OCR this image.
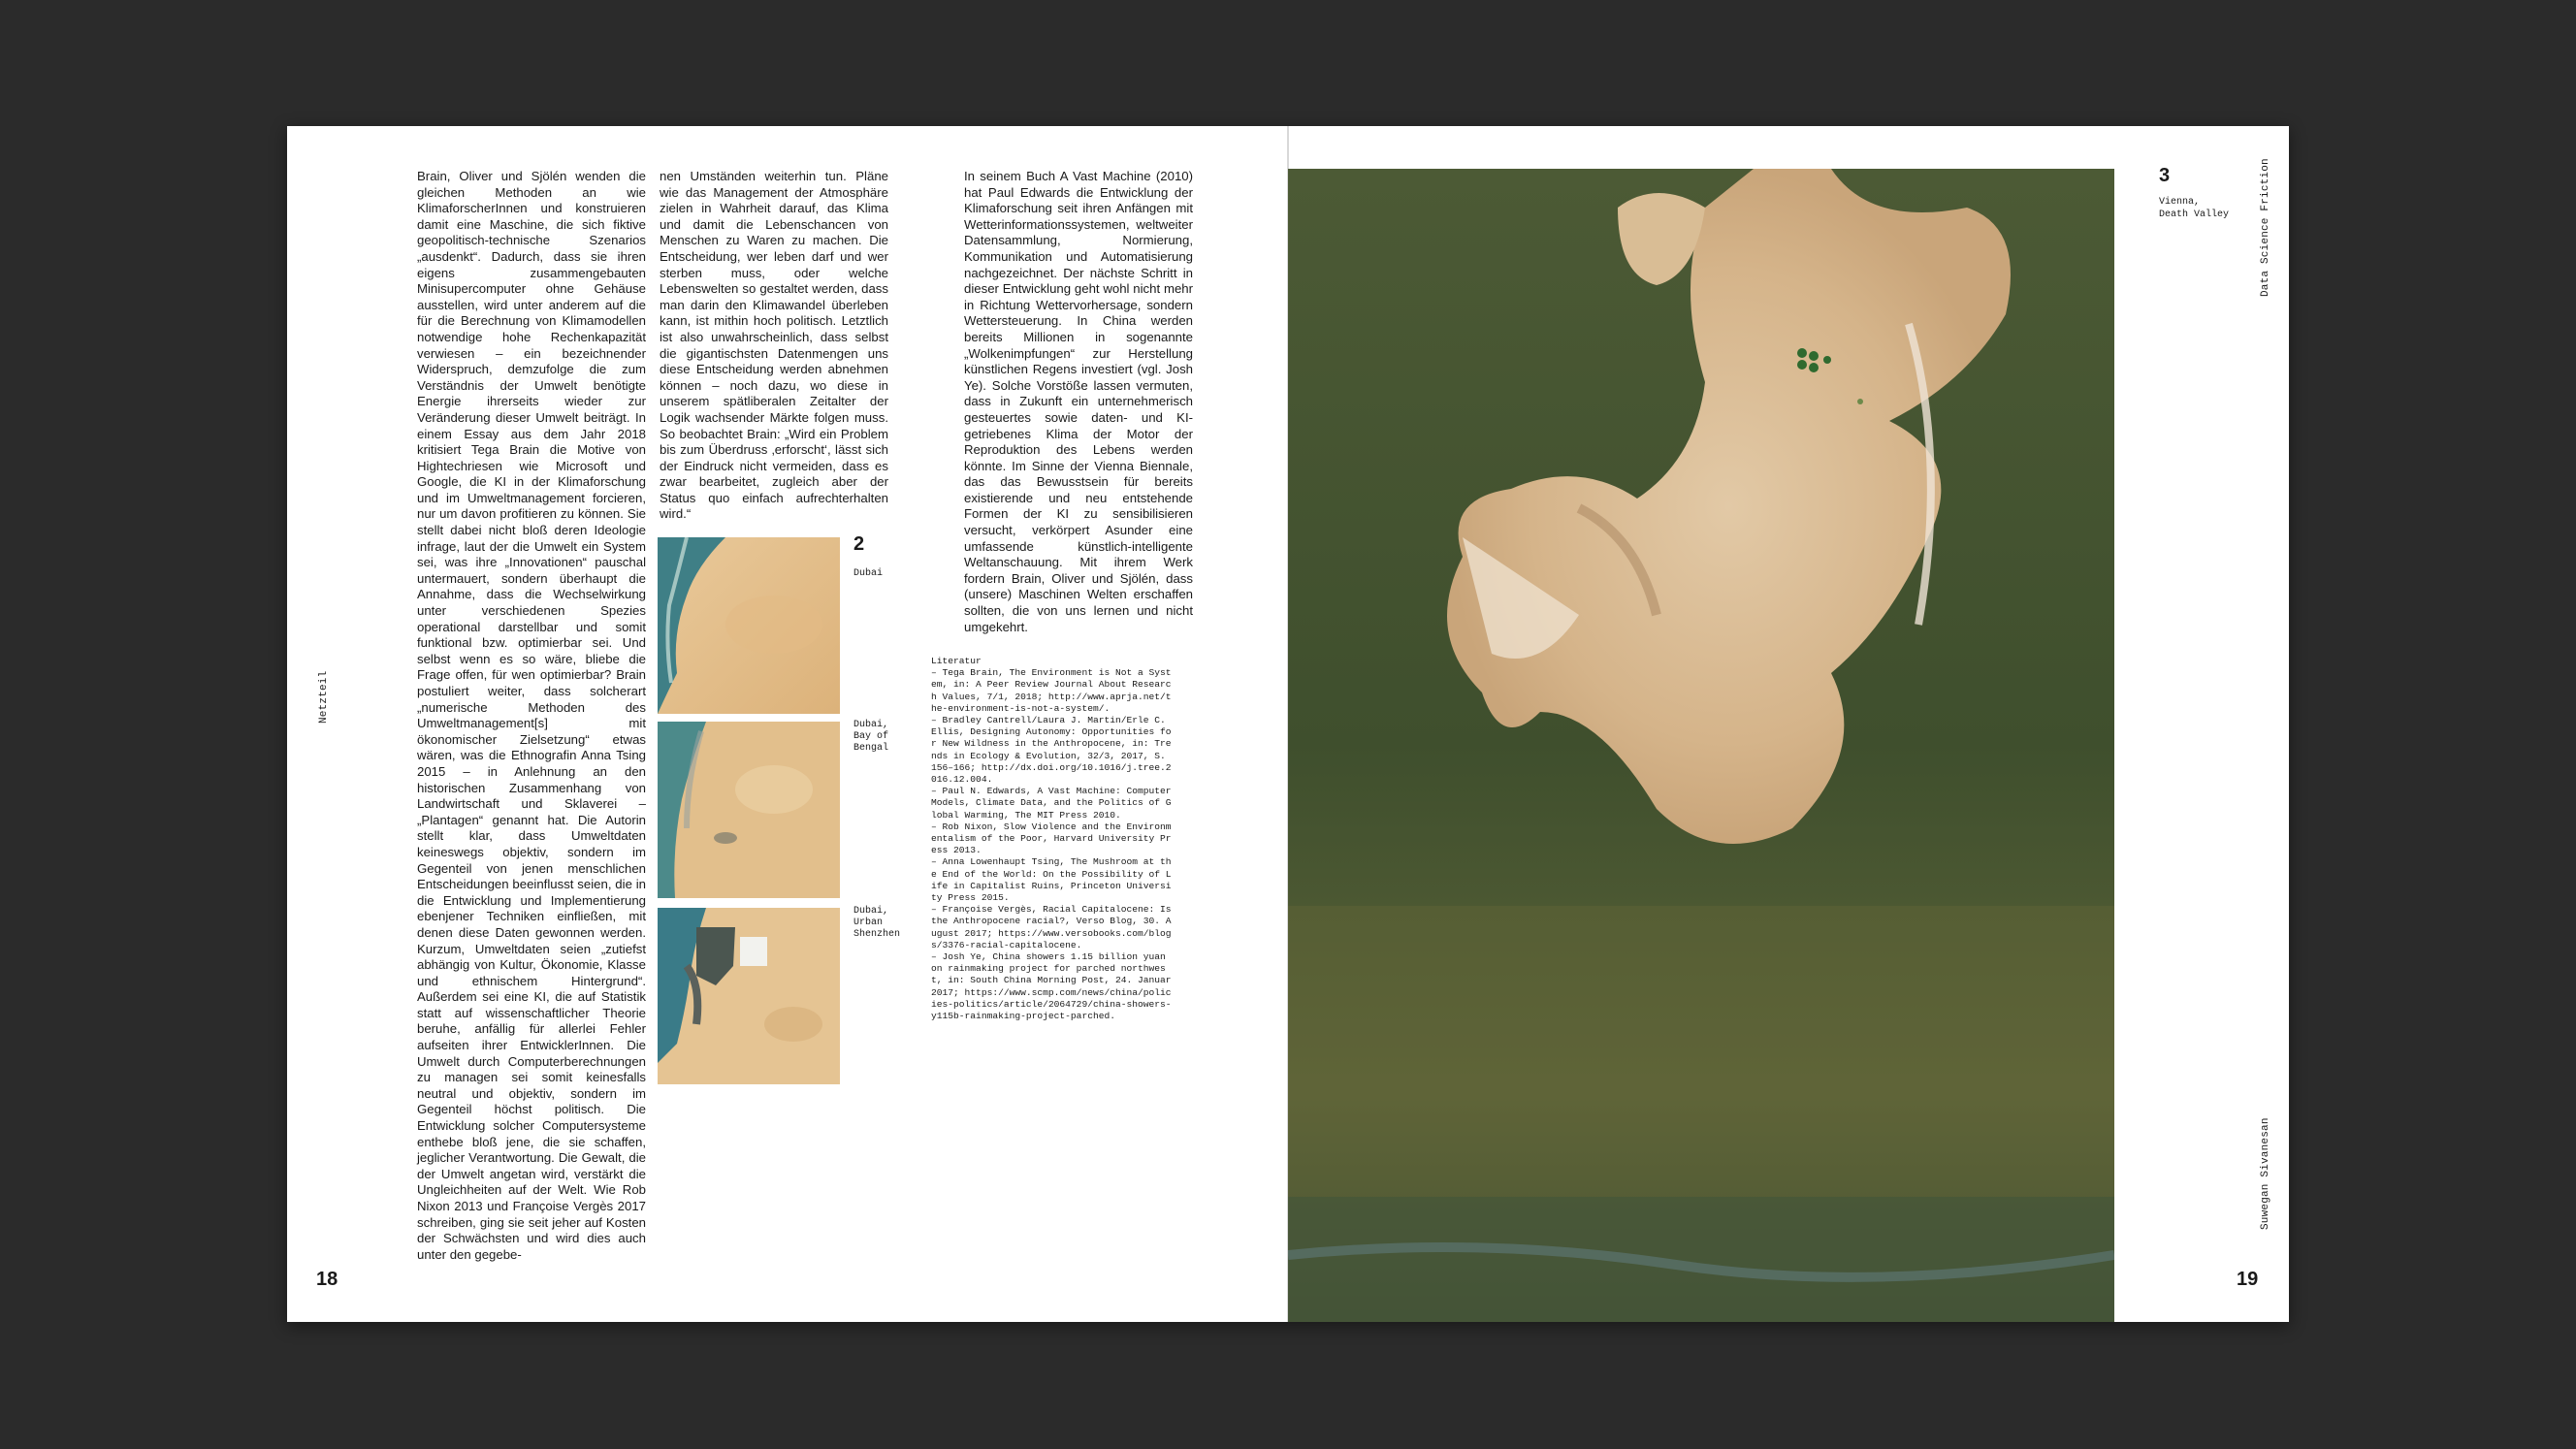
Netzteil
Brain, Oliver und Sjölén wenden die gleichen Methoden an wie KlimaforscherInnen und konstruieren damit eine Maschine, die sich fiktive geopolitisch-technische Szenarios „ausdenkt“. Dadurch, dass sie ihren eigens zusammengebauten Minisupercomputer ohne Gehäuse ausstellen, wird unter anderem auf die für die Berechnung von Klimamodellen notwendige hohe Rechenkapazität verwiesen – ein bezeichnender Widerspruch, demzufolge die zum Verständnis der Umwelt benötigte Energie ihrerseits wieder zur Veränderung dieser Umwelt beiträgt. In einem Essay aus dem Jahr 2018 kritisiert Tega Brain die Motive von Hightechriesen wie Microsoft und Google, die KI in der Klimaforschung und im Umweltmanagement forcieren, nur um davon profitieren zu können. Sie stellt dabei nicht bloß deren Ideologie infrage, laut der die Umwelt ein System sei, was ihre „Innovationen“ pauschal untermauert, sondern überhaupt die Annahme, dass die Wechselwirkung unter verschiedenen Spezies operational darstellbar und somit funktional bzw. optimierbar sei. Und selbst wenn es so wäre, bliebe die Frage offen, für wen optimierbar? Brain postuliert weiter, dass solcherart „numerische Methoden des Umweltmanagement[s] mit ökonomischer Zielsetzung“ etwas wären, was die Ethnografin Anna Tsing 2015 – in Anlehnung an den historischen Zusammenhang von Landwirtschaft und Sklaverei – „Plantagen“ genannt hat. Die Autorin stellt klar, dass Umweltdaten keineswegs objektiv, sondern im Gegenteil von jenen menschlichen Entscheidungen beeinflusst seien, die in die Entwicklung und Implementierung ebenjener Techniken einfließen, mit denen diese Daten gewonnen werden. Kurzum, Umweltdaten seien „zutiefst abhängig von Kultur, Ökonomie, Klasse und ethnischem Hintergrund“. Außerdem sei eine KI, die auf Statistik statt auf wissenschaftlicher Theorie beruhe, anfällig für allerlei Fehler aufseiten ihrer EntwicklerInnen. Die Umwelt durch Computerberechnungen zu managen sei somit keinesfalls neutral und objektiv, sondern im Gegenteil höchst politisch. Die Entwicklung solcher Computersysteme enthebe bloß jene, die sie schaffen, jeglicher Verantwortung. Die Gewalt, die der Umwelt angetan wird, verstärkt die Ungleichheiten auf der Welt. Wie Rob Nixon 2013 und Françoise Vergès 2017 schreiben, ging sie seit jeher auf Kosten der Schwächsten und wird dies auch unter den gegebe-
nen Umständen weiterhin tun. Pläne wie das Management der Atmosphäre zielen in Wahrheit darauf, das Klima und damit die Lebenschancen von Menschen zu Waren zu machen. Die Entscheidung, wer leben darf und wer sterben muss, oder welche Lebenswelten so gestaltet werden, dass man darin den Klimawandel überleben kann, ist mithin hoch politisch. Letztlich ist also unwahrscheinlich, dass selbst die gigantischsten Datenmengen uns diese Entscheidung werden abnehmen können – noch dazu, wo diese in unserem spätliberalen Zeitalter der Logik wachsender Märkte folgen muss. So beobachtet Brain: „Wird ein Problem bis zum Überdruss ‚erforscht‘, lässt sich der Eindruck nicht vermeiden, dass es zwar bearbeitet, zugleich aber der Status quo einfach aufrechterhalten wird.“
In seinem Buch A Vast Machine (2010) hat Paul Edwards die Entwicklung der Klimaforschung seit ihren Anfängen mit Wetterinformationssystemen, weltweiter Datensammlung, Normierung, Kommunikation und Automatisierung nachgezeichnet. Der nächste Schritt in dieser Entwicklung geht wohl nicht mehr in Richtung Wettervorhersage, sondern Wettersteuerung. In China werden bereits Millionen in sogenannte „Wolkenimpfungen“ zur Herstellung künstlichen Regens investiert (vgl. Josh Ye). Solche Vorstöße lassen vermuten, dass in Zukunft ein unternehmerisch gesteuertes sowie daten- und KI-getriebenes Klima der Motor der Reproduktion des Lebens werden könnte. Im Sinne der Vienna Biennale, das das Bewusstsein für bereits existierende und neu entstehende Formen der KI zu sensibilisieren versucht, verkörpert Asunder eine umfassende künstlich-intelligente Weltanschauung. Mit ihrem Werk fordern Brain, Oliver und Sjölén, dass (unsere) Maschinen Welten erschaffen sollten, die von uns lernen und nicht umgekehrt.
2
Dubai
Dubai,
Bay of
Bengal
Dubai,
Urban
Shenzhen
Literatur
– Tega Brain, The Environment is Not a System, in: A Peer Review Journal About Research Values, 7/1, 2018; http://www.aprja.net/the-environment-is-not-a-system/.
– Bradley Cantrell/Laura J. Martin/Erle C. Ellis, Designing Autonomy: Opportunities for New Wildness in the Anthropocene, in: Trends in Ecology & Evolution, 32/3, 2017, S. 156–166; http://dx.doi.org/10.1016/j.tree.2016.12.004.
– Paul N. Edwards, A Vast Machine: Computer Models, Climate Data, and the Politics of Global Warming, The MIT Press 2010.
– Rob Nixon, Slow Violence and the Environmentalism of the Poor, Harvard University Press 2013.
– Anna Lowenhaupt Tsing, The Mushroom at the End of the World: On the Possibility of Life in Capitalist Ruins, Princeton University Press 2015.
– Françoise Vergès, Racial Capitalocene: Is the Anthropocene racial?, Verso Blog, 30. August 2017; https://www.versobooks.com/blogs/3376-racial-capitalocene.
– Josh Ye, China showers 1.15 billion yuan on rainmaking project for parched northwest, in: South China Morning Post, 24. Januar 2017; https://www.scmp.com/news/china/policies-politics/article/2064729/china-showers-y115b-rainmaking-project-parched.
18
3
Vienna,
Death Valley	Data Science Friction
Suwegan Sivanesan
19
